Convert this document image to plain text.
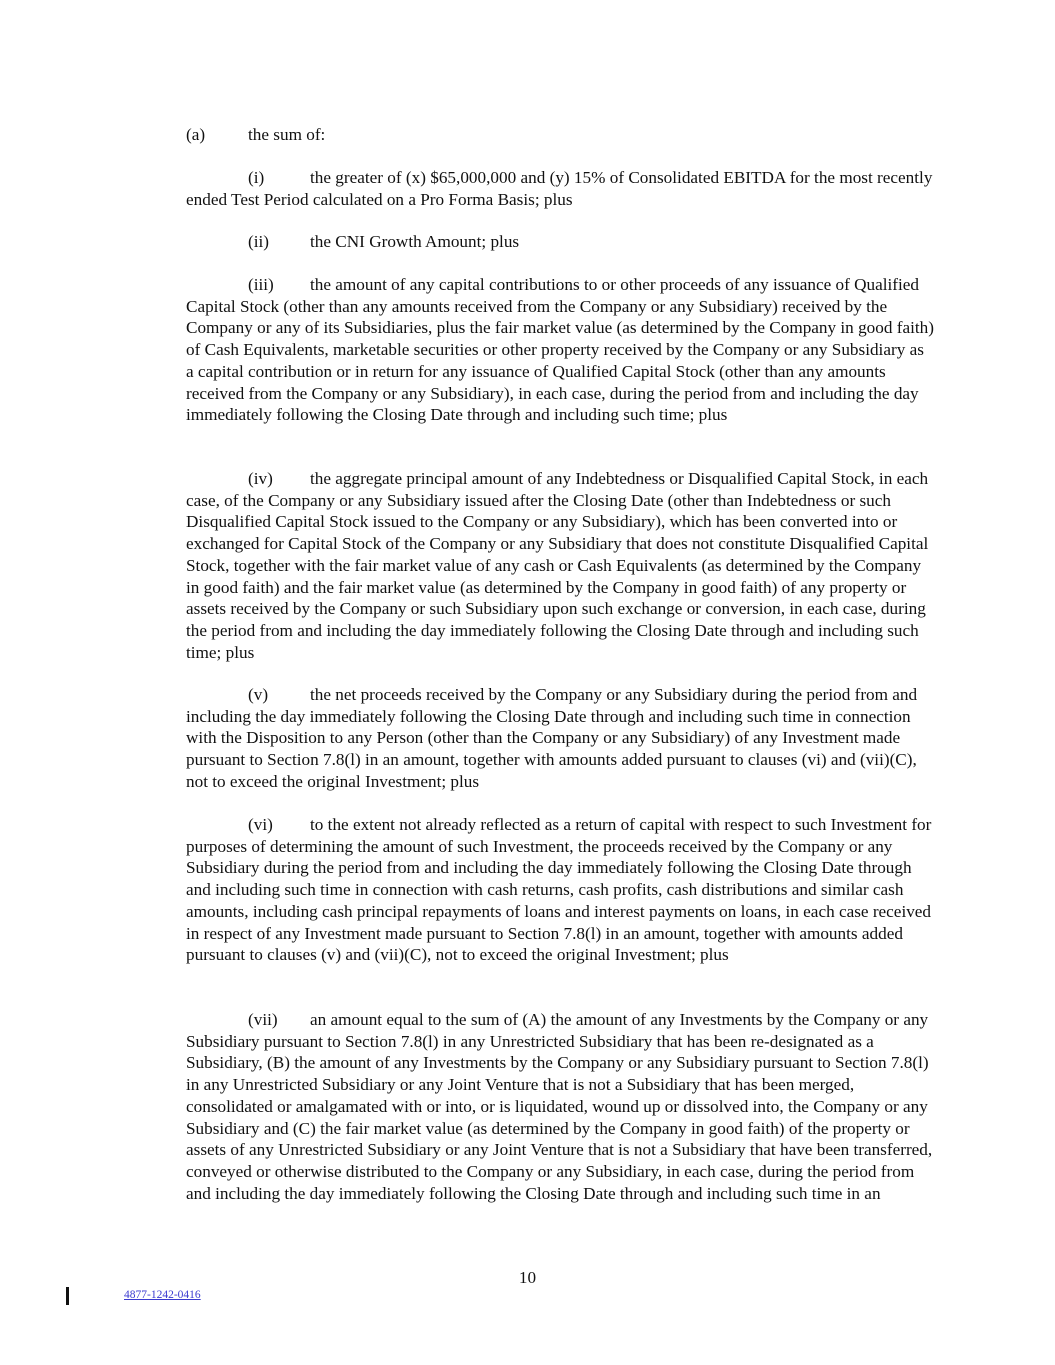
(a) the sum of:

(i)	the greater of (x) $65,000,000 and (y) 15% of Consolidated EBITDA for the most recently ended Test Period calculated on a Pro Forma Basis; plus

(ii) the CNI Growth Amount; plus

(iii) the amount of any capital contributions to or other proceeds of any issuance of Qualified Capital Stock (other than any amounts received from the Company or any Subsidiary) received by the Company or any of its Subsidiaries, plus the fair market value (as determined by the Company in good faith) of Cash Equivalents, marketable securities or other property received by the Company or any Subsidiary as a capital contribution or in return for any issuance of Qualified Capital Stock (other than any amounts received from the Company or any Subsidiary), in each case, during the period from and including the day immediately following the Closing Date through and including such time; plus

(iv) the aggregate principal amount of any Indebtedness or Disqualified Capital Stock, in each case, of the Company or any Subsidiary issued after the Closing Date (other than Indebtedness or such Disqualified Capital Stock issued to the Company or any Subsidiary), which has been converted into or exchanged for Capital Stock of the Company or any Subsidiary that does not constitute Disqualified Capital Stock, together with the fair market value of any cash or Cash Equivalents (as determined by the Company in good faith) and the fair market value (as determined by the Company in good faith) of any property or assets received by the Company or such Subsidiary upon such exchange or conversion, in each case, during the period from and including the day immediately following the Closing Date through and including such time; plus

(v) the net proceeds received by the Company or any Subsidiary during the period from and including the day immediately following the Closing Date through and including such time in connection with the Disposition to any Person (other than the Company or any Subsidiary) of any Investment made pursuant to Section 7.8(l) in an amount, together with amounts added pursuant to clauses (vi) and (vii)(C), not to exceed the original Investment; plus

(vi) to the extent not already reflected as a return of capital with respect to such Investment for purposes of determining the amount of such Investment, the proceeds received by the Company or any Subsidiary during the period from and including the day immediately following the Closing Date through and including such time in connection with cash returns, cash profits, cash distributions and similar cash amounts, including cash principal repayments of loans and interest payments on loans, in each case received in respect of any Investment made pursuant to Section 7.8(l) in an amount, together with amounts added pursuant to clauses (v) and (vii)(C), not to exceed the original Investment; plus

(vii) an amount equal to the sum of (A) the amount of any Investments by the Company or any Subsidiary pursuant to Section 7.8(l) in any Unrestricted Subsidiary that has been re-designated as a Subsidiary, (B) the amount of any Investments by the Company or any Subsidiary pursuant to Section 7.8(l) in any Unrestricted Subsidiary or any Joint Venture that is not a Subsidiary that has been merged, consolidated or amalgamated with or into, or is liquidated, wound up or dissolved into, the Company or any Subsidiary and (C) the fair market value (as determined by the Company in good faith) of the property or assets of any Unrestricted Subsidiary or any Joint Venture that is not a Subsidiary that have been transferred, conveyed or otherwise distributed to the Company or any Subsidiary, in each case, during the period from and including the day immediately following the Closing Date through and including such time in an

10
4877-1242-0416
